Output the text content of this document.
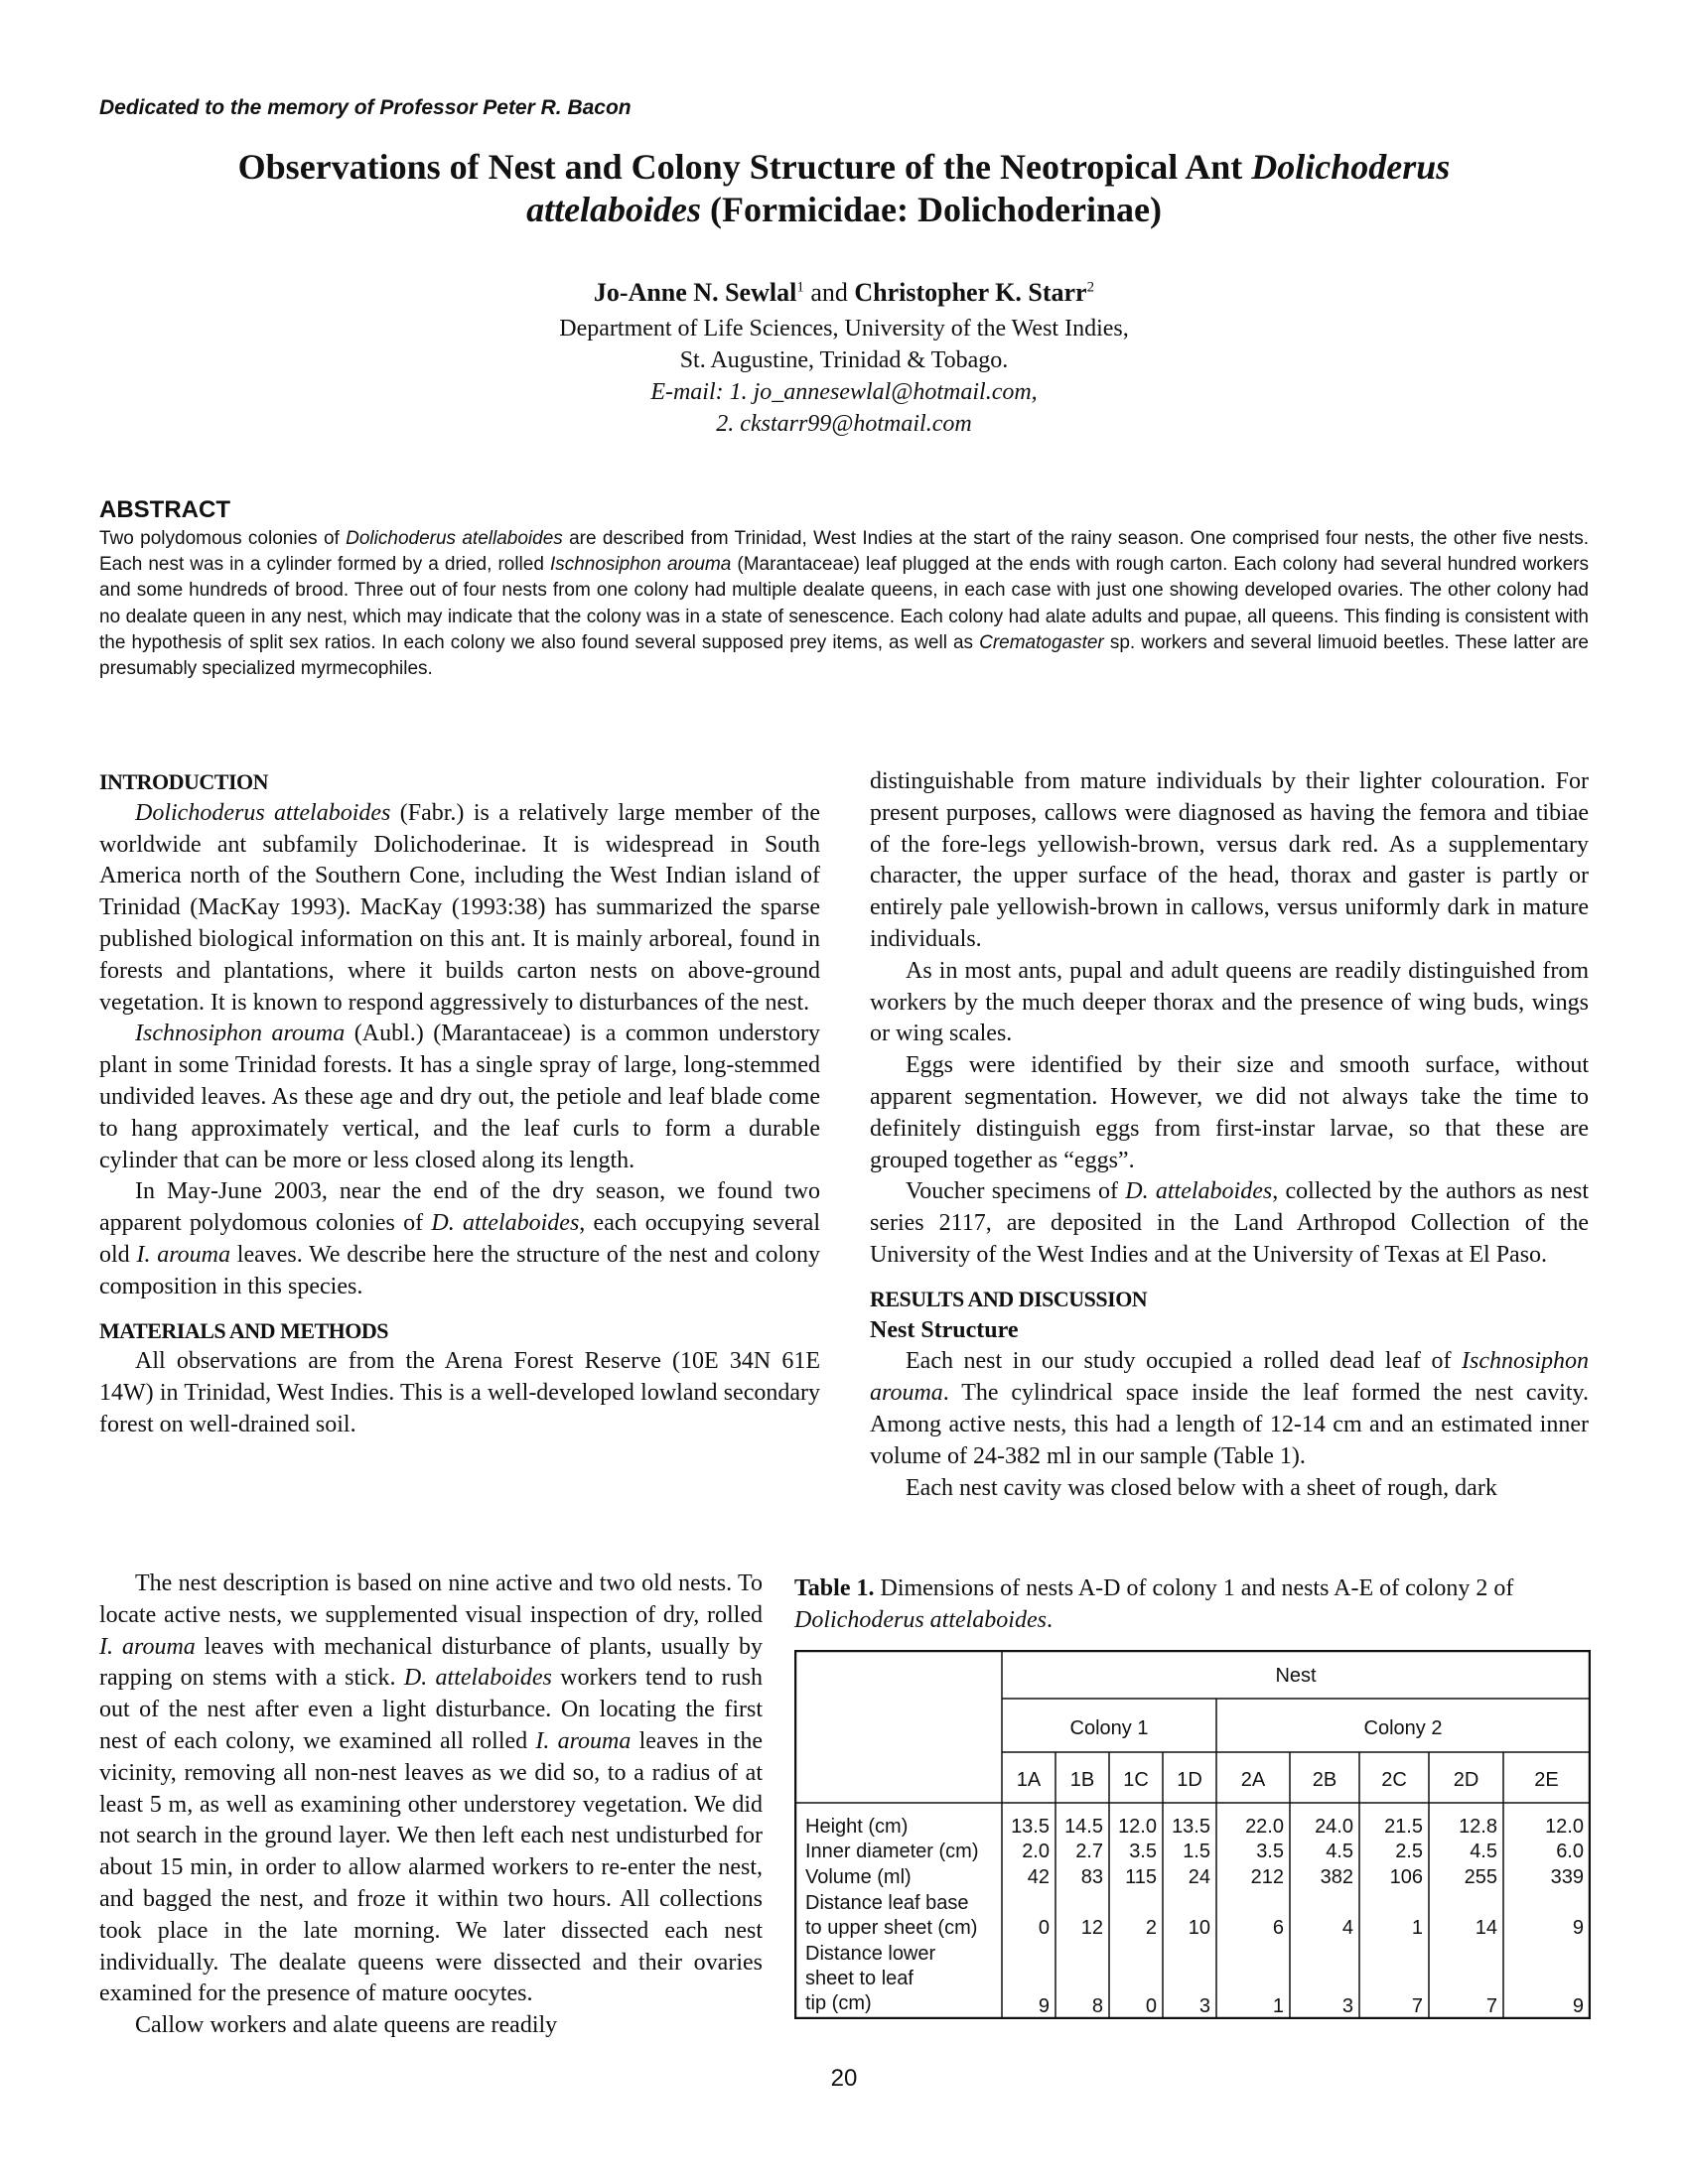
Dedicated to the memory of Professor Peter R. Bacon
Observations of Nest and Colony Structure of the Neotropical Ant Dolichoderus
attelaboides (Formicidae: Dolichoderinae)
Jo-Anne N. Sewlal$^1$ and Christopher K. Starr$^2$
Department of Life Sciences, University of the West Indies,
St. Augustine, Trinidad & Tobago.
E-mail: 1. jo_annesewlal@hotmail.com,
2. ckstarr99@hotmail.com
ABSTRACT
Two polydomous colonies of Dolichoderus atellaboides are described from Trinidad, West Indies at the start of the rainy season. One comprised four nests, the other five nests. Each nest was in a cylinder formed by a dried, rolled Ischnosiphon arouma (Marantaceae) leaf plugged at the ends with rough carton. Each colony had several hundred workers and some hundreds of brood. Three out of four nests from one colony had multiple dealate queens, in each case with just one showing developed ovaries. The other colony had no dealate queen in any nest, which may indicate that the colony was in a state of senescence. Each colony had alate adults and pupae, all queens. This finding is consistent with the hypothesis of split sex ratios. In each colony we also found several supposed prey items, as well as Crematogaster sp. workers and several limuoid beetles. These latter are presumably specialized myrmecophiles.

INTRODUCTION

Dolichoderus attelaboides (Fabr.) is a relatively large member of the worldwide ant subfamily Dolichoderinae. It is widespread in South America north of the Southern Cone, including the West Indian island of Trinidad (MacKay 1993). MacKay (1993:38) has summarized the sparse published biological information on this ant. It is mainly arboreal, found in forests and plantations, where it builds carton nests on above-ground vegetation. It is known to respond aggressively to disturbances of the nest.

Ischnosiphon arouma (Aubl.) (Marantaceae) is a common understory plant in some Trinidad forests. It has a single spray of large, long-stemmed undivided leaves. As these age and dry out, the petiole and leaf blade come to hang approximately vertical, and the leaf curls to form a durable cylinder that can be more or less closed along its length.

In May-June 2003, near the end of the dry season, we found two apparent polydomous colonies of D. attelaboides, each occupying several old I. arouma leaves. We describe here the structure of the nest and colony composition in this species.

MATERIALS AND METHODS

All observations are from the Arena Forest Reserve (10E 34N 61E 14W) in Trinidad, West Indies. This is a well-developed lowland secondary forest on well-drained soil.

The nest description is based on nine active and two old nests. To locate active nests, we supplemented visual inspection of dry, rolled I. arouma leaves with mechanical disturbance of plants, usually by rapping on stems with a stick. D. attelaboides workers tend to rush out of the nest after even a light disturbance. On locating the first nest of each colony, we examined all rolled I. arouma leaves in the vicinity, removing all non-nest leaves as we did so, to a radius of at least 5 m, as well as examining other understorey vegetation. We did not search in the ground layer. We then left each nest undisturbed for about 15 min, in order to allow alarmed workers to re-enter the nest, and bagged the nest, and froze it within two hours. All collections took place in the late morning. We later dissected each nest individually. The dealate queens were dissected and their ovaries examined for the presence of mature oocytes.

Callow workers and alate queens are readily

distinguishable from mature individuals by their lighter colouration. For present purposes, callows were diagnosed as having the femora and tibiae of the fore-legs yellowish-brown, versus dark red. As a supplementary character, the upper surface of the head, thorax and gaster is partly or entirely pale yellowish-brown in callows, versus uniformly dark in mature individuals.

As in most ants, pupal and adult queens are readily distinguished from workers by the much deeper thorax and the presence of wing buds, wings or wing scales.

Eggs were identified by their size and smooth surface, without apparent segmentation. However, we did not always take the time to definitely distinguish eggs from first-instar larvae, so that these are grouped together as “eggs”.

Voucher specimens of D. attelaboides, collected by the authors as nest series 2117, are deposited in the Land Arthropod Collection of the University of the West Indies and at the University of Texas at El Paso.

RESULTS AND DISCUSSION

Nest Structure

Each nest in our study occupied a rolled dead leaf of Ischnosiphon arouma. The cylindrical space inside the leaf formed the nest cavity. Among active nests, this had a length of 12-14 cm and an estimated inner volume of 24-382 ml in our sample (Table 1).

Each nest cavity was closed below with a sheet of rough, dark

Table 1. Dimensions of nests A-D of colony 1 and nests A-E of colony 2 of Dolichoderus attelaboides.
Nest
Colony 1	Colony 2
1A 1B 1C 1D 2A 2B 2C 2D	2E
Height (cm)	13.5 14.5 12.0 13.5 22.0 24.0 21.5 12.8 12.0
Inner diameter (cm) 2.0 2.7 3.5 1.5 3.5 4.5 2.5 4.5	6.0
Volume (ml)	42 83 115 24 212 382 106 255	339
Distance leaf base
to upper sheet (cm)	0 12 2 10	6	4	1	14	9
Distance lower
sheet to leaf
tip (cm)	9 8 0 3	1	3	7	7	9
20
